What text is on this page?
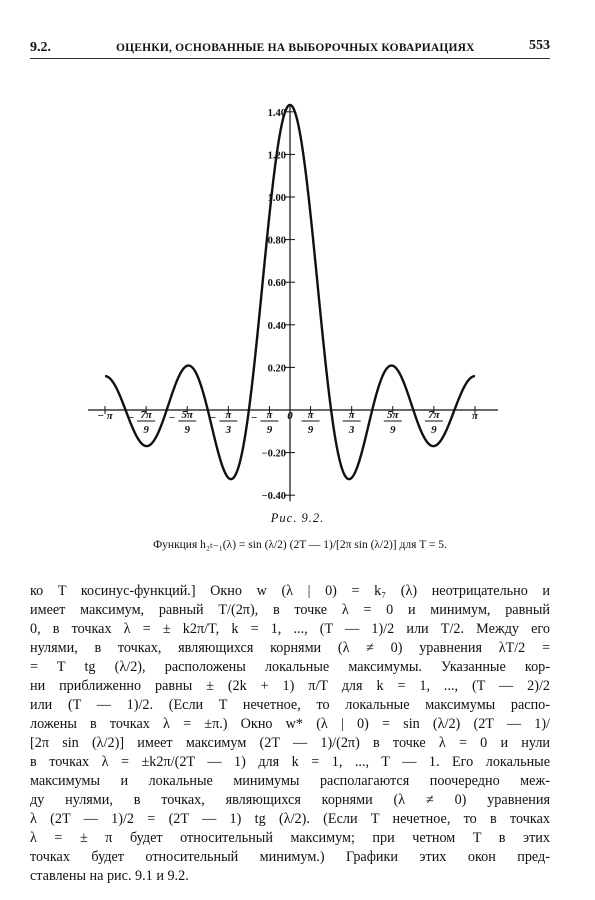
9.2.	ОЦЕНКИ, ОСНОВАННЫЕ НА ВЫБОРОЧНЫХ КОВАРИАЦИЯХ	553
1.40
1.20
1.00
0.80
0.60
0.40
0.20
−0.20
−0.40
− π − 7π
9
− 5π
9
− π
3
− π
9
0 π
9
π
3
5π
9
7π
9
π
Рис. 9.2.
Функция h₂ₜ₋₁(λ) = sin (λ/2) (2T — 1)/[2π sin (λ/2)] для T = 5.
ко T косинус-функций.] Окно w (λ | 0) = k₇ (λ) неотрицательно и
имеет максимум, равный T/(2π), в точке λ = 0 и минимум, равный
0, в точках λ = ± k2π/T, k = 1, ..., (T — 1)/2 или T/2. Между его
нулями, в точках, являющихся корнями (λ ≠ 0) уравнения λT/2 =
= T tg (λ/2), расположены локальные максимумы. Указанные кор-
ни приближенно равны ± (2k + 1) π/T для k = 1, ..., (T — 2)/2
или (T — 1)/2. (Если T нечетное, то локальные максимумы распо-
ложены в точках λ = ±π.) Окно w* (λ | 0) = sin (λ/2) (2T — 1)/
[2π sin (λ/2)] имеет максимум (2T — 1)/(2π) в точке λ = 0 и нули
в точках λ = ±k2π/(2T — 1) для k = 1, ..., T — 1. Его локальные
максимумы и локальные минимумы располагаются поочередно меж-
ду нулями, в точках, являющихся корнями (λ ≠ 0) уравнения
λ (2T — 1)/2 = (2T — 1) tg (λ/2). (Если T нечетное, то в точках
λ = ± π будет относительный максимум; при четном T в этих
точках будет относительный минимум.) Графики этих окон пред-
ставлены на рис. 9.1 и 9.2.
